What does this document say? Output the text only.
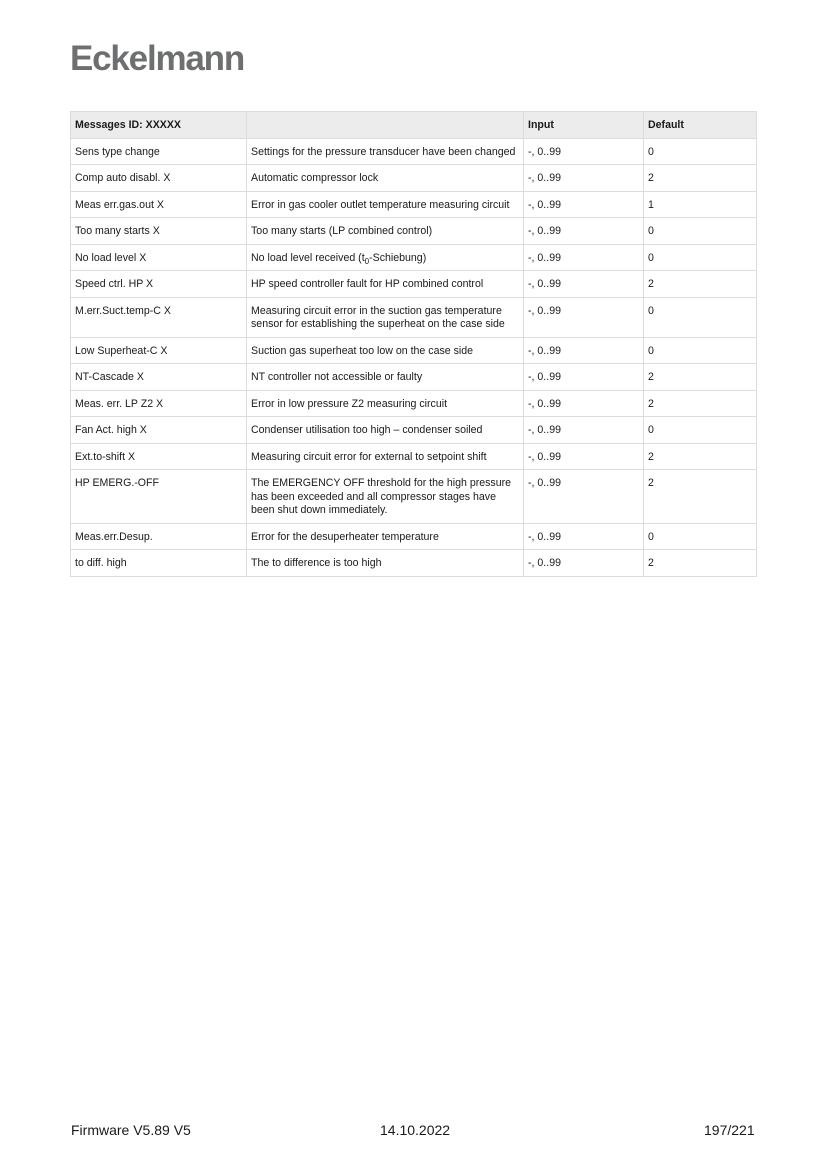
Eckelmann
Messages ID: XXXXX		Input	Default
Sens type change	Settings for the pressure transducer have been changed	-, 0..99	0
Comp auto disabl. X	Automatic compressor lock	-, 0..99	2
Meas err.gas.out X	Error in gas cooler outlet temperature measuring circuit	-, 0..99	1
Too many starts X	Too many starts (LP combined control)	-, 0..99	0
No load level X	No load level received $(t_0-Schiebung)$	-, 0..99	0
Speed ctrl. HP X	HP speed controller fault for HP combined control	-, 0..99	2
M.err.Suct.temp-C X	Measuring circuit error in the suction gas temperature sensor for establishing the superheat on the case side	-, 0..99	0
Low Superheat-C X	Suction gas superheat too low on the case side	-, 0..99	0
NT-Cascade X	NT controller not accessible or faulty	-, 0..99	2
Meas. err. LP Z2 X	Error in low pressure Z2 measuring circuit	-, 0..99	2
Fan Act. high X	Condenser utilisation too high – condenser soiled	-, 0..99	0
Ext.to-shift X	Measuring circuit error for external to setpoint shift	-, 0..99	2
HP EMERG.-OFF	The EMERGENCY OFF threshold for the high pressure has been exceeded and all compressor stages have been shut down immediately.	-, 0..99	2
Meas.err.Desup.	Error for the desuperheater temperature	-, 0..99	0
to diff. high	The to difference is too high	-, 0..99	2
Firmware V5.89 V5	14.10.2022	197/221
